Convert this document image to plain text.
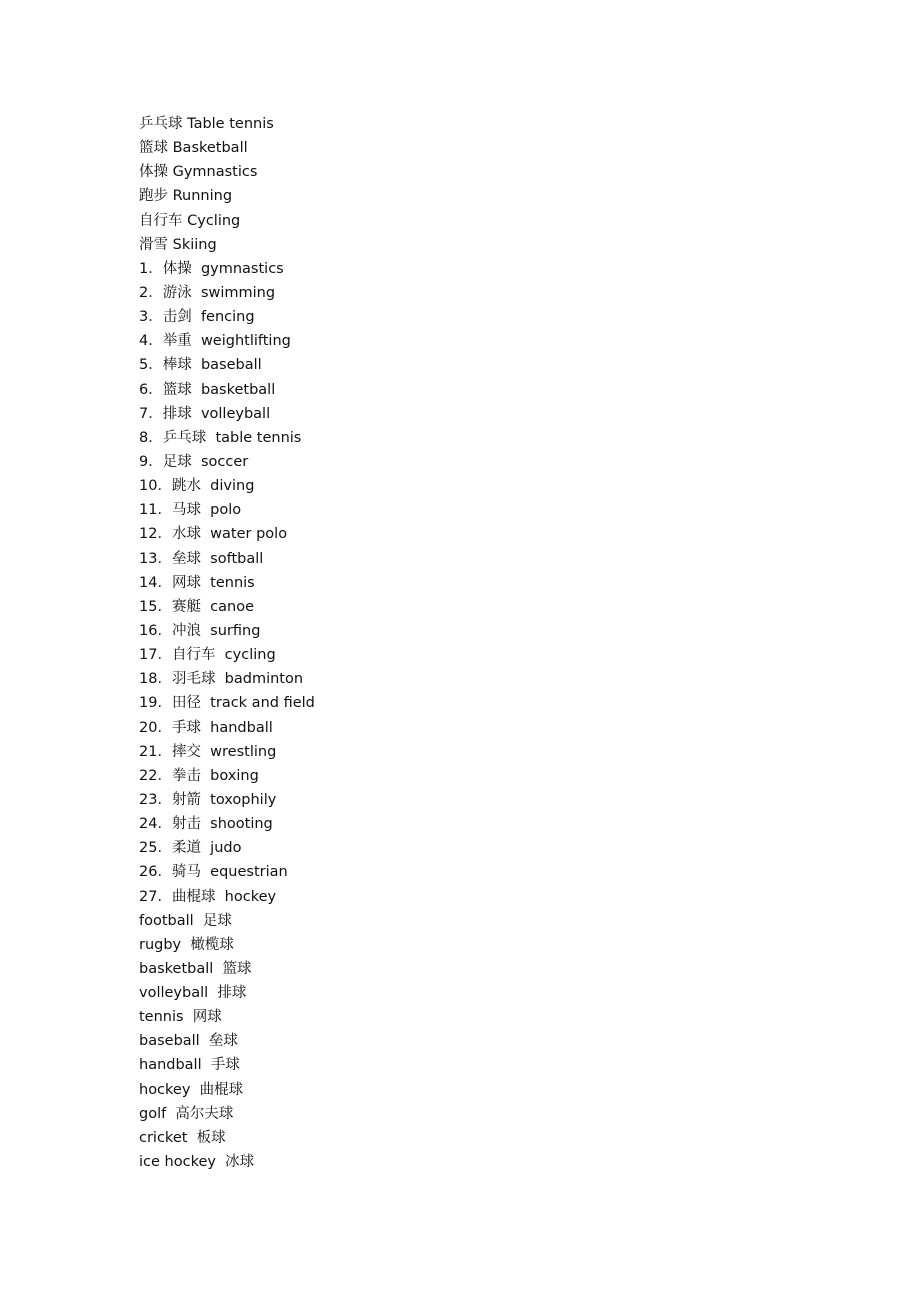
乒乓球 Table tennis
篮球 Basketball
体操 Gymnastics
跑步 Running
自行车 Cycling
滑雪 Skiing
1．体操  gymnastics
2．游泳  swimming
3．击剑  fencing
4．举重  weightlifting
5．棒球  baseball
6．篮球  basketball
7．排球  volleyball
8．乒乓球  table tennis
9．足球  soccer
10．跳水  diving
11．马球  polo
12．水球  water polo
13．垒球  softball
14．网球  tennis
15．赛艇  canoe
16．冲浪  surfing
17．自行车  cycling
18．羽毛球  badminton
19．田径  track and field
20．手球  handball
21．摔交  wrestling
22．拳击  boxing
23．射箭  toxophily
24．射击  shooting
25．柔道  judo
26．骑马  equestrian
27．曲棍球  hockey
football  足球
rugby  橄榄球
basketball  篮球
volleyball  排球
tennis  网球
baseball  垒球
handball  手球
hockey  曲棍球
golf  高尔夫球
cricket  板球
ice hockey  冰球
